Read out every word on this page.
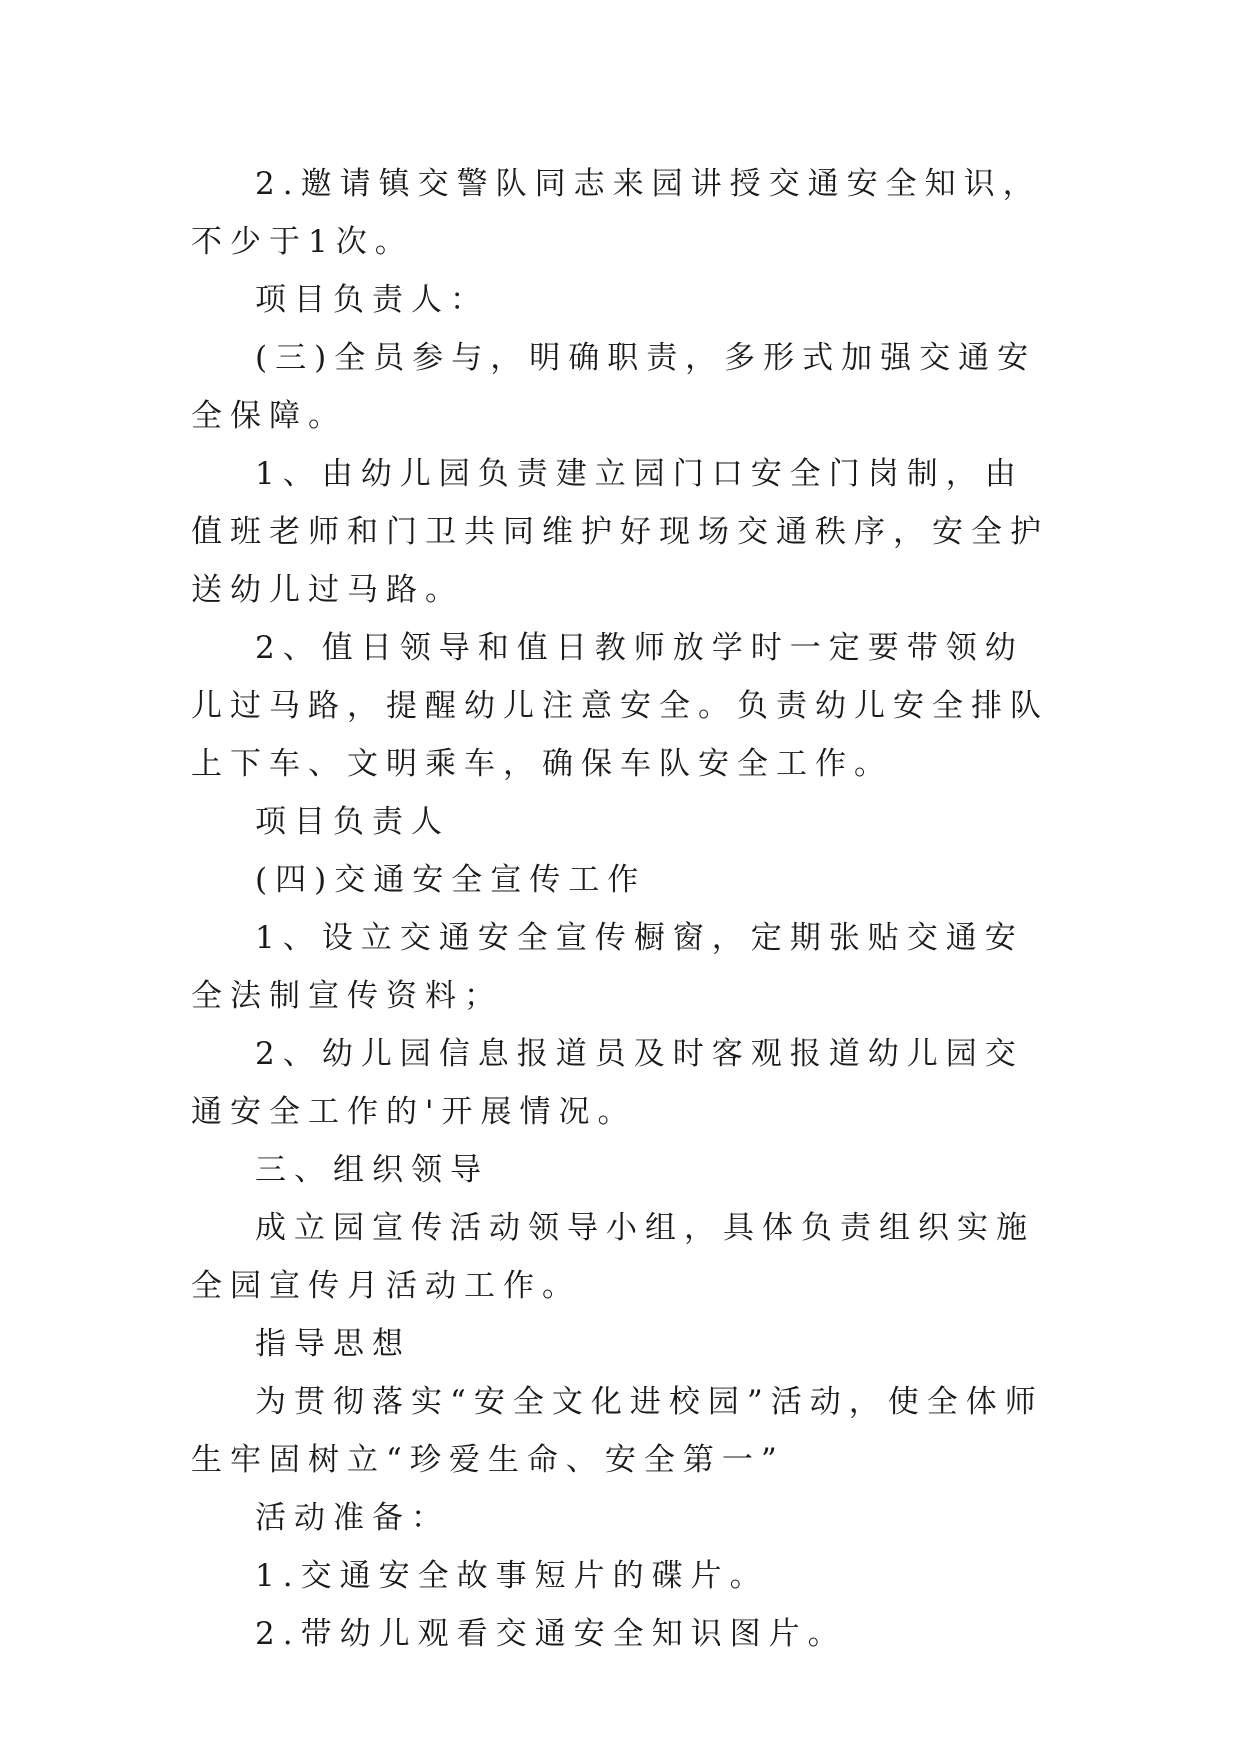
2.邀请镇交警队同志来园讲授交通安全知识，不少于1次。

项目负责人：

(三)全员参与，明确职责，多形式加强交通安全保障。

1、由幼儿园负责建立园门口安全门岗制，由值班老师和门卫共同维护好现场交通秩序，安全护送幼儿过马路。

2、值日领导和值日教师放学时一定要带领幼儿过马路，提醒幼儿注意安全。负责幼儿安全排队上下车、文明乘车，确保车队安全工作。

项目负责人

(四)交通安全宣传工作

1、设立交通安全宣传橱窗，定期张贴交通安全法制宣传资料；

2、幼儿园信息报道员及时客观报道幼儿园交通安全工作的'开展情况。

三、组织领导

成立园宣传活动领导小组，具体负责组织实施全园宣传月活动工作。

指导思想

为贯彻落实“安全文化进校园”活动，使全体师生牢固树立“珍爱生命、安全第一”

活动准备：

1.交通安全故事短片的碟片。

2.带幼儿观看交通安全知识图片。
